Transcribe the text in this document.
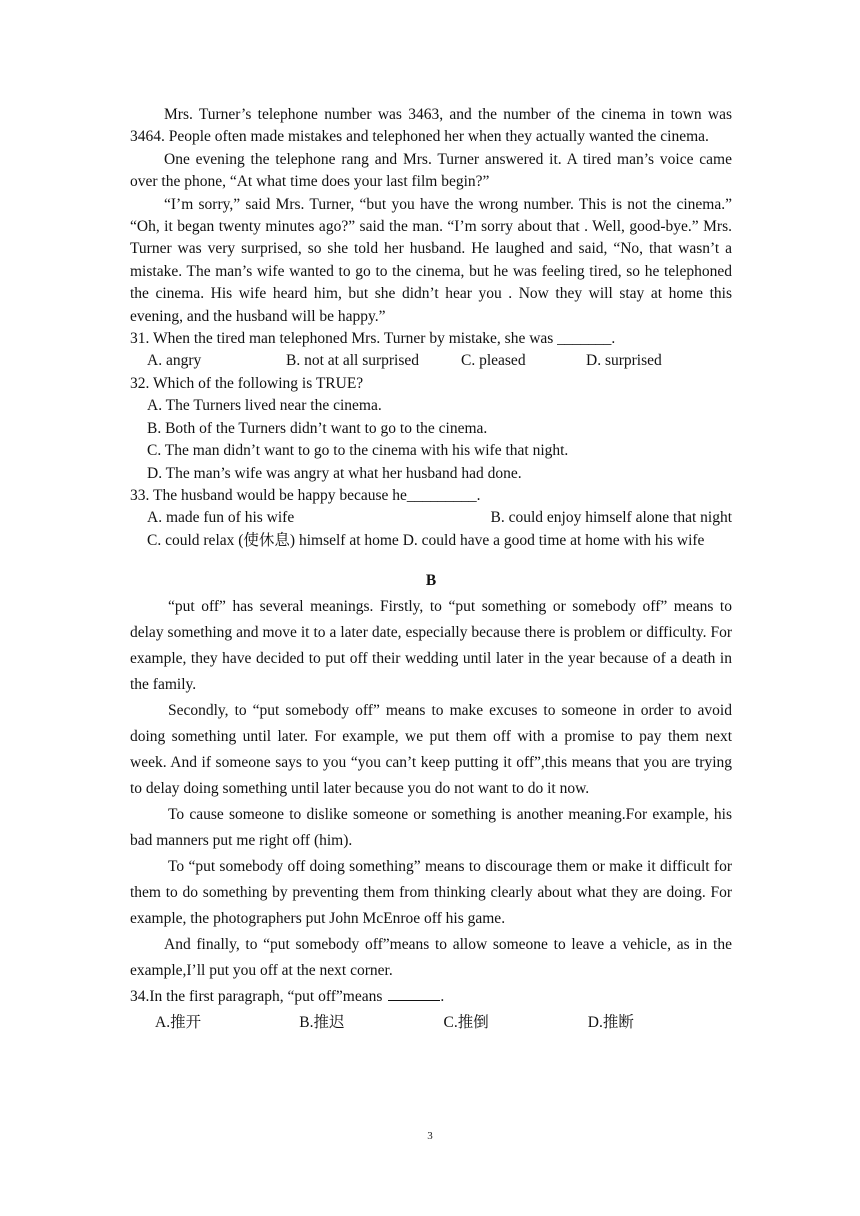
Mrs. Turner’s telephone number was 3463, and the number of the cinema in town was 3464. People often made mistakes and telephoned her when they actually wanted the cinema.

One evening the telephone rang and Mrs. Turner answered it. A tired man’s voice came over the phone, “At what time does your last film begin?”

“I’m sorry,” said Mrs. Turner, “but you have the wrong number. This is not the cinema.” “Oh, it began twenty minutes ago?” said the man. “I’m sorry about that . Well, good-bye.” Mrs. Turner was very surprised, so she told her husband. He laughed and said, “No, that wasn’t a mistake. The man’s wife wanted to go to the cinema, but he was feeling tired, so he telephoned the cinema. His wife heard him, but she didn’t hear you . Now they will stay at home this evening, and the husband will be happy.”

31. When the tired man telephoned Mrs. Turner by mistake, she was _______.

A. angry	B. not at all surprised	C. pleased	D. surprised

32. Which of the following is TRUE?

A. The Turners lived near the cinema.

B. Both of the Turners didn’t want to go to the cinema.

C. The man didn’t want to go to the cinema with his wife that night.

D. The man’s wife was angry at what her husband had done.

33. The husband would be happy because he_________.

A. made fun of his wife	B. could enjoy himself alone that night

C. could relax (使休息) himself at home D. could have a good time at home with his wife

B

“put off” has several meanings. Firstly, to “put something or somebody off” means to delay something and move it to a later date, especially because there is problem or difficulty. For example, they have decided to put off their wedding until later in the year because of a death in the family.

Secondly, to “put somebody off” means to make excuses to someone in order to avoid doing something until later. For example, we put them off with a promise to pay them next week. And if someone says to you “you can’t keep putting it off”,this means that you are trying to delay doing something until later because you do not want to do it now.

To cause someone to dislike someone or something is another meaning.For example, his bad manners put me right off (him).

To “put somebody off doing something” means to discourage them or make it difficult for them to do something by preventing them from thinking clearly about what they are doing. For example, the photographers put John McEnroe off his game.

And finally, to “put somebody off”means to allow someone to leave a vehicle, as in the example,I’ll put you off at the next corner.

34.In the first paragraph, “put off”means	.

A.推开	B.推迟	C.推倒	D.推断
3
